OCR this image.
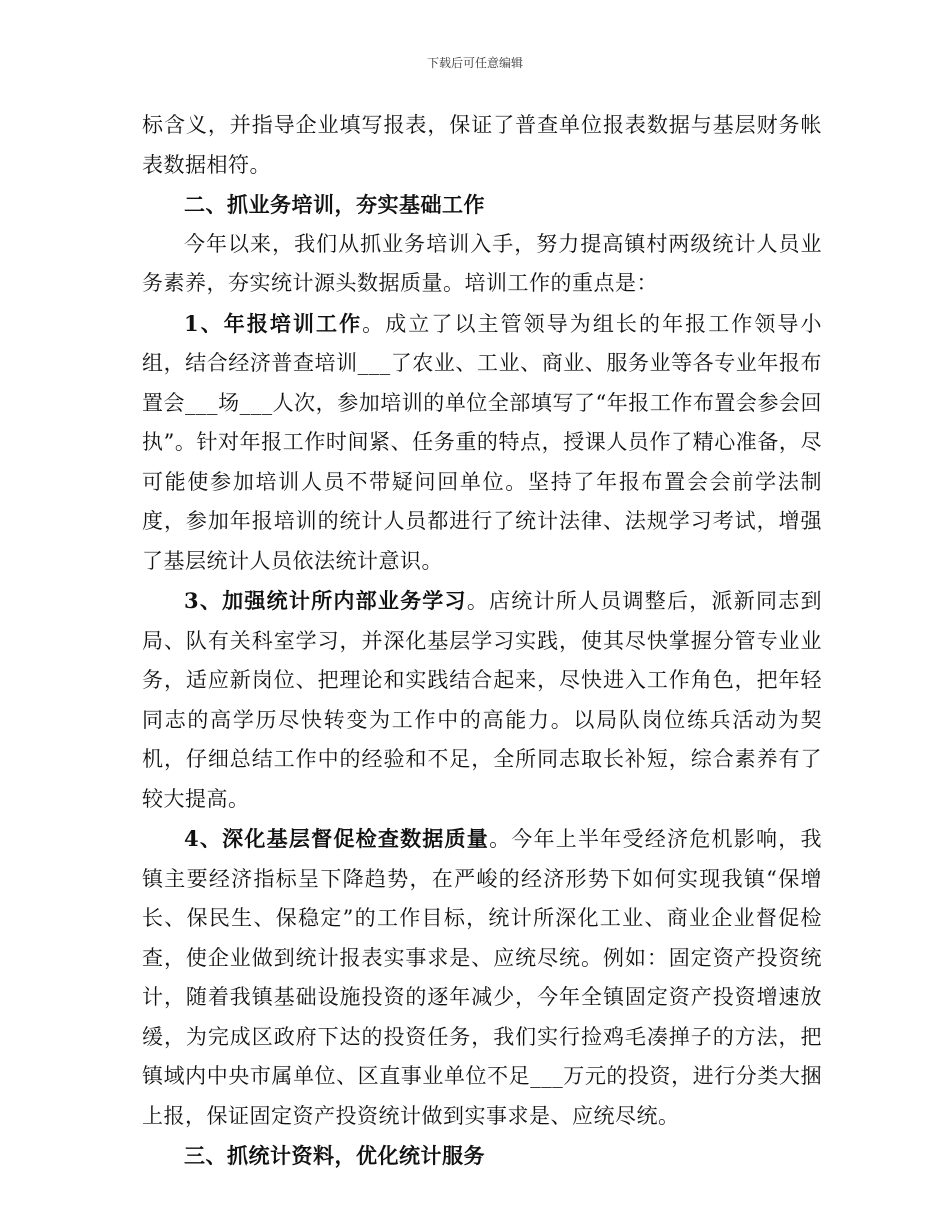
下载后可任意编辑

标含义，并指导企业填写报表，保证了普查单位报表数据与基层财务帐表数据相符。

二、抓业务培训，夯实基础工作

今年以来，我们从抓业务培训入手，努力提高镇村两级统计人员业务素养，夯实统计源头数据质量。培训工作的重点是：

1、年报培训工作。成立了以主管领导为组长的年报工作领导小组，结合经济普查培训___了农业、工业、商业、服务业等各专业年报布置会___场___人次，参加培训的单位全部填写了“年报工作布置会参会回执”。针对年报工作时间紧、任务重的特点，授课人员作了精心准备，尽可能使参加培训人员不带疑问回单位。坚持了年报布置会会前学法制度，参加年报培训的统计人员都进行了统计法律、法规学习考试，增强了基层统计人员依法统计意识。

3、加强统计所内部业务学习。店统计所人员调整后，派新同志到局、队有关科室学习，并深化基层学习实践，使其尽快掌握分管专业业务，适应新岗位、把理论和实践结合起来，尽快进入工作角色，把年轻同志的高学历尽快转变为工作中的高能力。以局队岗位练兵活动为契机，仔细总结工作中的经验和不足，全所同志取长补短，综合素养有了较大提高。

4、深化基层督促检查数据质量。今年上半年受经济危机影响，我镇主要经济指标呈下降趋势，在严峻的经济形势下如何实现我镇“保增长、保民生、保稳定”的工作目标，统计所深化工业、商业企业督促检查，使企业做到统计报表实事求是、应统尽统。例如：固定资产投资统计，随着我镇基础设施投资的逐年减少，今年全镇固定资产投资增速放缓，为完成区政府下达的投资任务，我们实行捡鸡毛凑掸子的方法，把镇域内中央市属单位、区直事业单位不足___万元的投资，进行分类大捆上报，保证固定资产投资统计做到实事求是、应统尽统。

三、抓统计资料，优化统计服务
